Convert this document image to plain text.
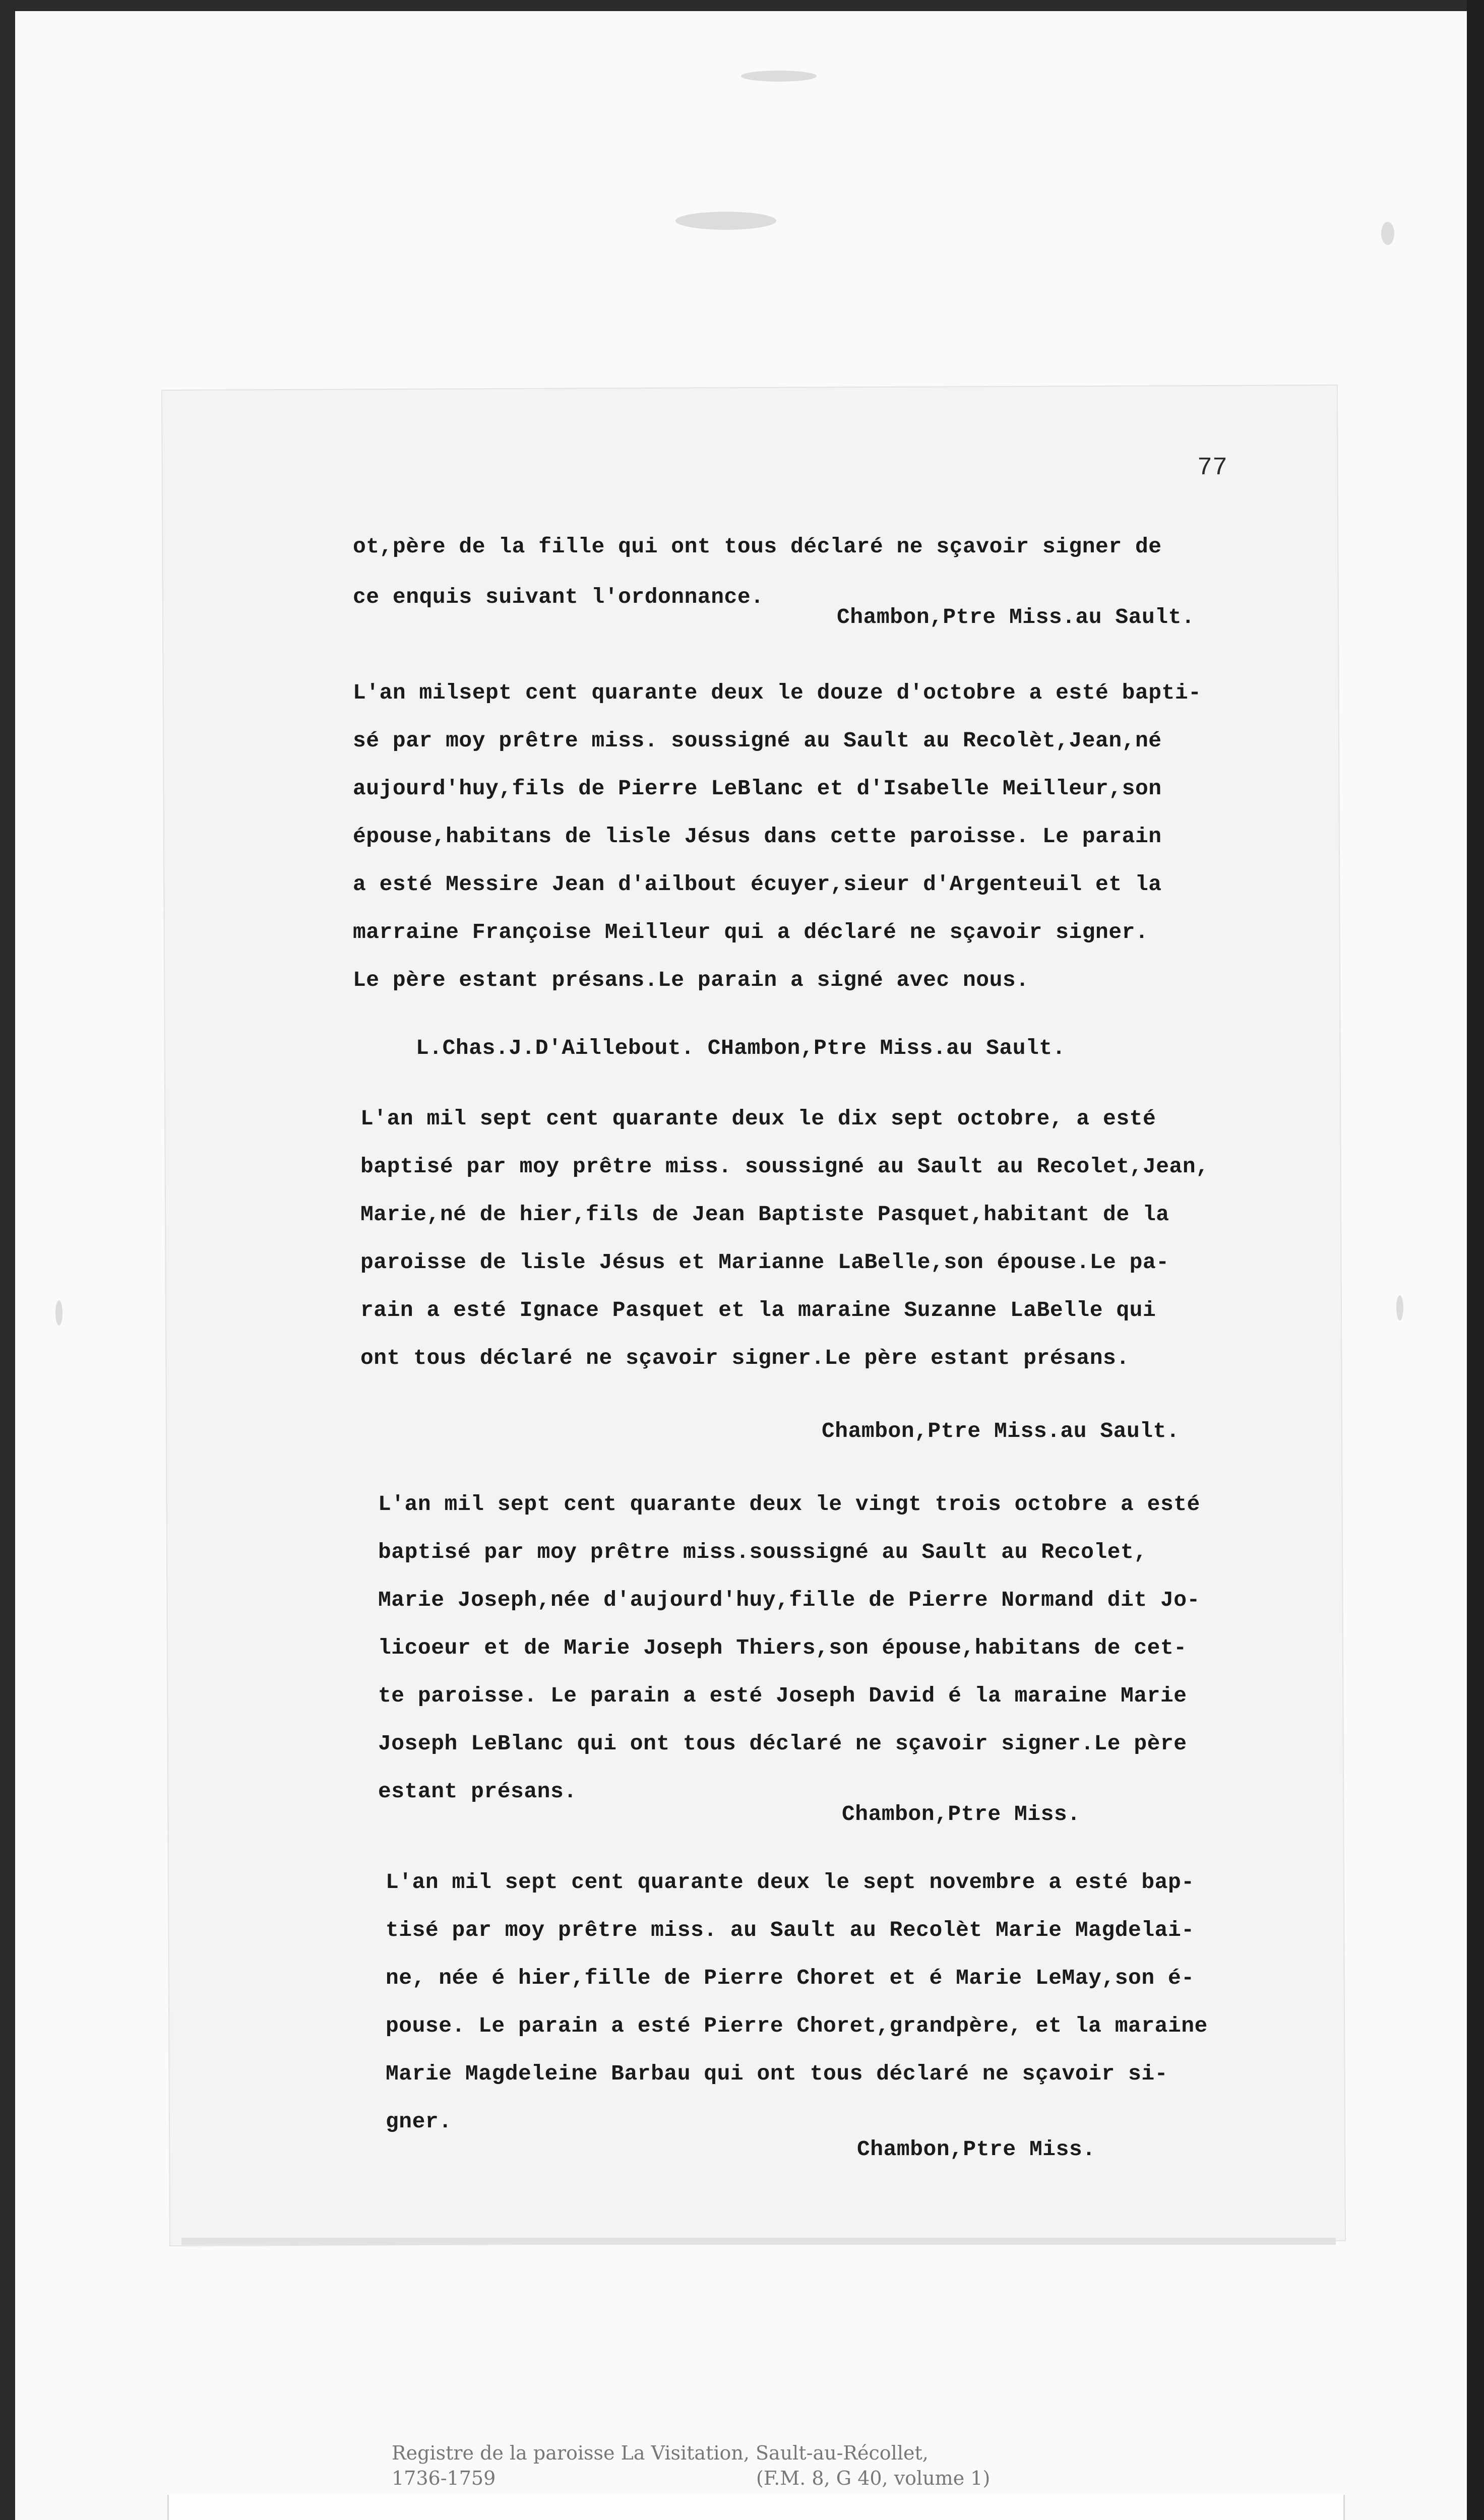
77
ot,père de la fille qui ont tous déclaré ne sçavoir signer de
ce enquis suivant l'ordonnance.
Chambon,Ptre Miss.au Sault.
L'an milsept cent quarante deux le douze d'octobre a esté bapti-
sé par moy prêtre miss. soussigné au Sault au Recolèt,Jean,né
aujourd'huy,fils de Pierre LeBlanc et d'Isabelle Meilleur,son
épouse,habitans de lisle Jésus dans cette paroisse. Le parain
a esté Messire Jean d'ailbout écuyer,sieur d'Argenteuil et la
marraine Françoise Meilleur qui a déclaré ne sçavoir signer.
Le père estant présans.Le parain a signé avec nous.
L.Chas.J.D'Aillebout. CHambon,Ptre Miss.au Sault.
L'an mil sept cent quarante deux le dix sept octobre, a esté
baptisé par moy prêtre miss. soussigné au Sault au Recolet,Jean,
Marie,né de hier,fils de Jean Baptiste Pasquet,habitant de la
paroisse de lisle Jésus et Marianne LaBelle,son épouse.Le pa-
rain a esté Ignace Pasquet et la maraine Suzanne LaBelle qui
ont tous déclaré ne sçavoir signer.Le père estant présans.
Chambon,Ptre Miss.au Sault.
L'an mil sept cent quarante deux le vingt trois octobre a esté
baptisé par moy prêtre miss.soussigné au Sault au Recolet,
Marie Joseph,née d'aujourd'huy,fille de Pierre Normand dit Jo-
licoeur et de Marie Joseph Thiers,son épouse,habitans de cet-
te paroisse. Le parain a esté Joseph David é la maraine Marie
Joseph LeBlanc qui ont tous déclaré ne sçavoir signer.Le père
estant présans.
Chambon,Ptre Miss.
L'an mil sept cent quarante deux le sept novembre a esté bap-
tisé par moy prêtre miss. au Sault au Recolèt Marie Magdelai-
ne, née é hier,fille de Pierre Choret et é Marie LeMay,son é-
pouse. Le parain a esté Pierre Choret,grandpère, et la maraine
Marie Magdeleine Barbau qui ont tous déclaré ne sçavoir si-
gner.
Chambon,Ptre Miss.
Registre de la paroisse La Visitation, Sault-au-Récollet,
1736-1759	(F.M. 8, G 40, volume 1)
